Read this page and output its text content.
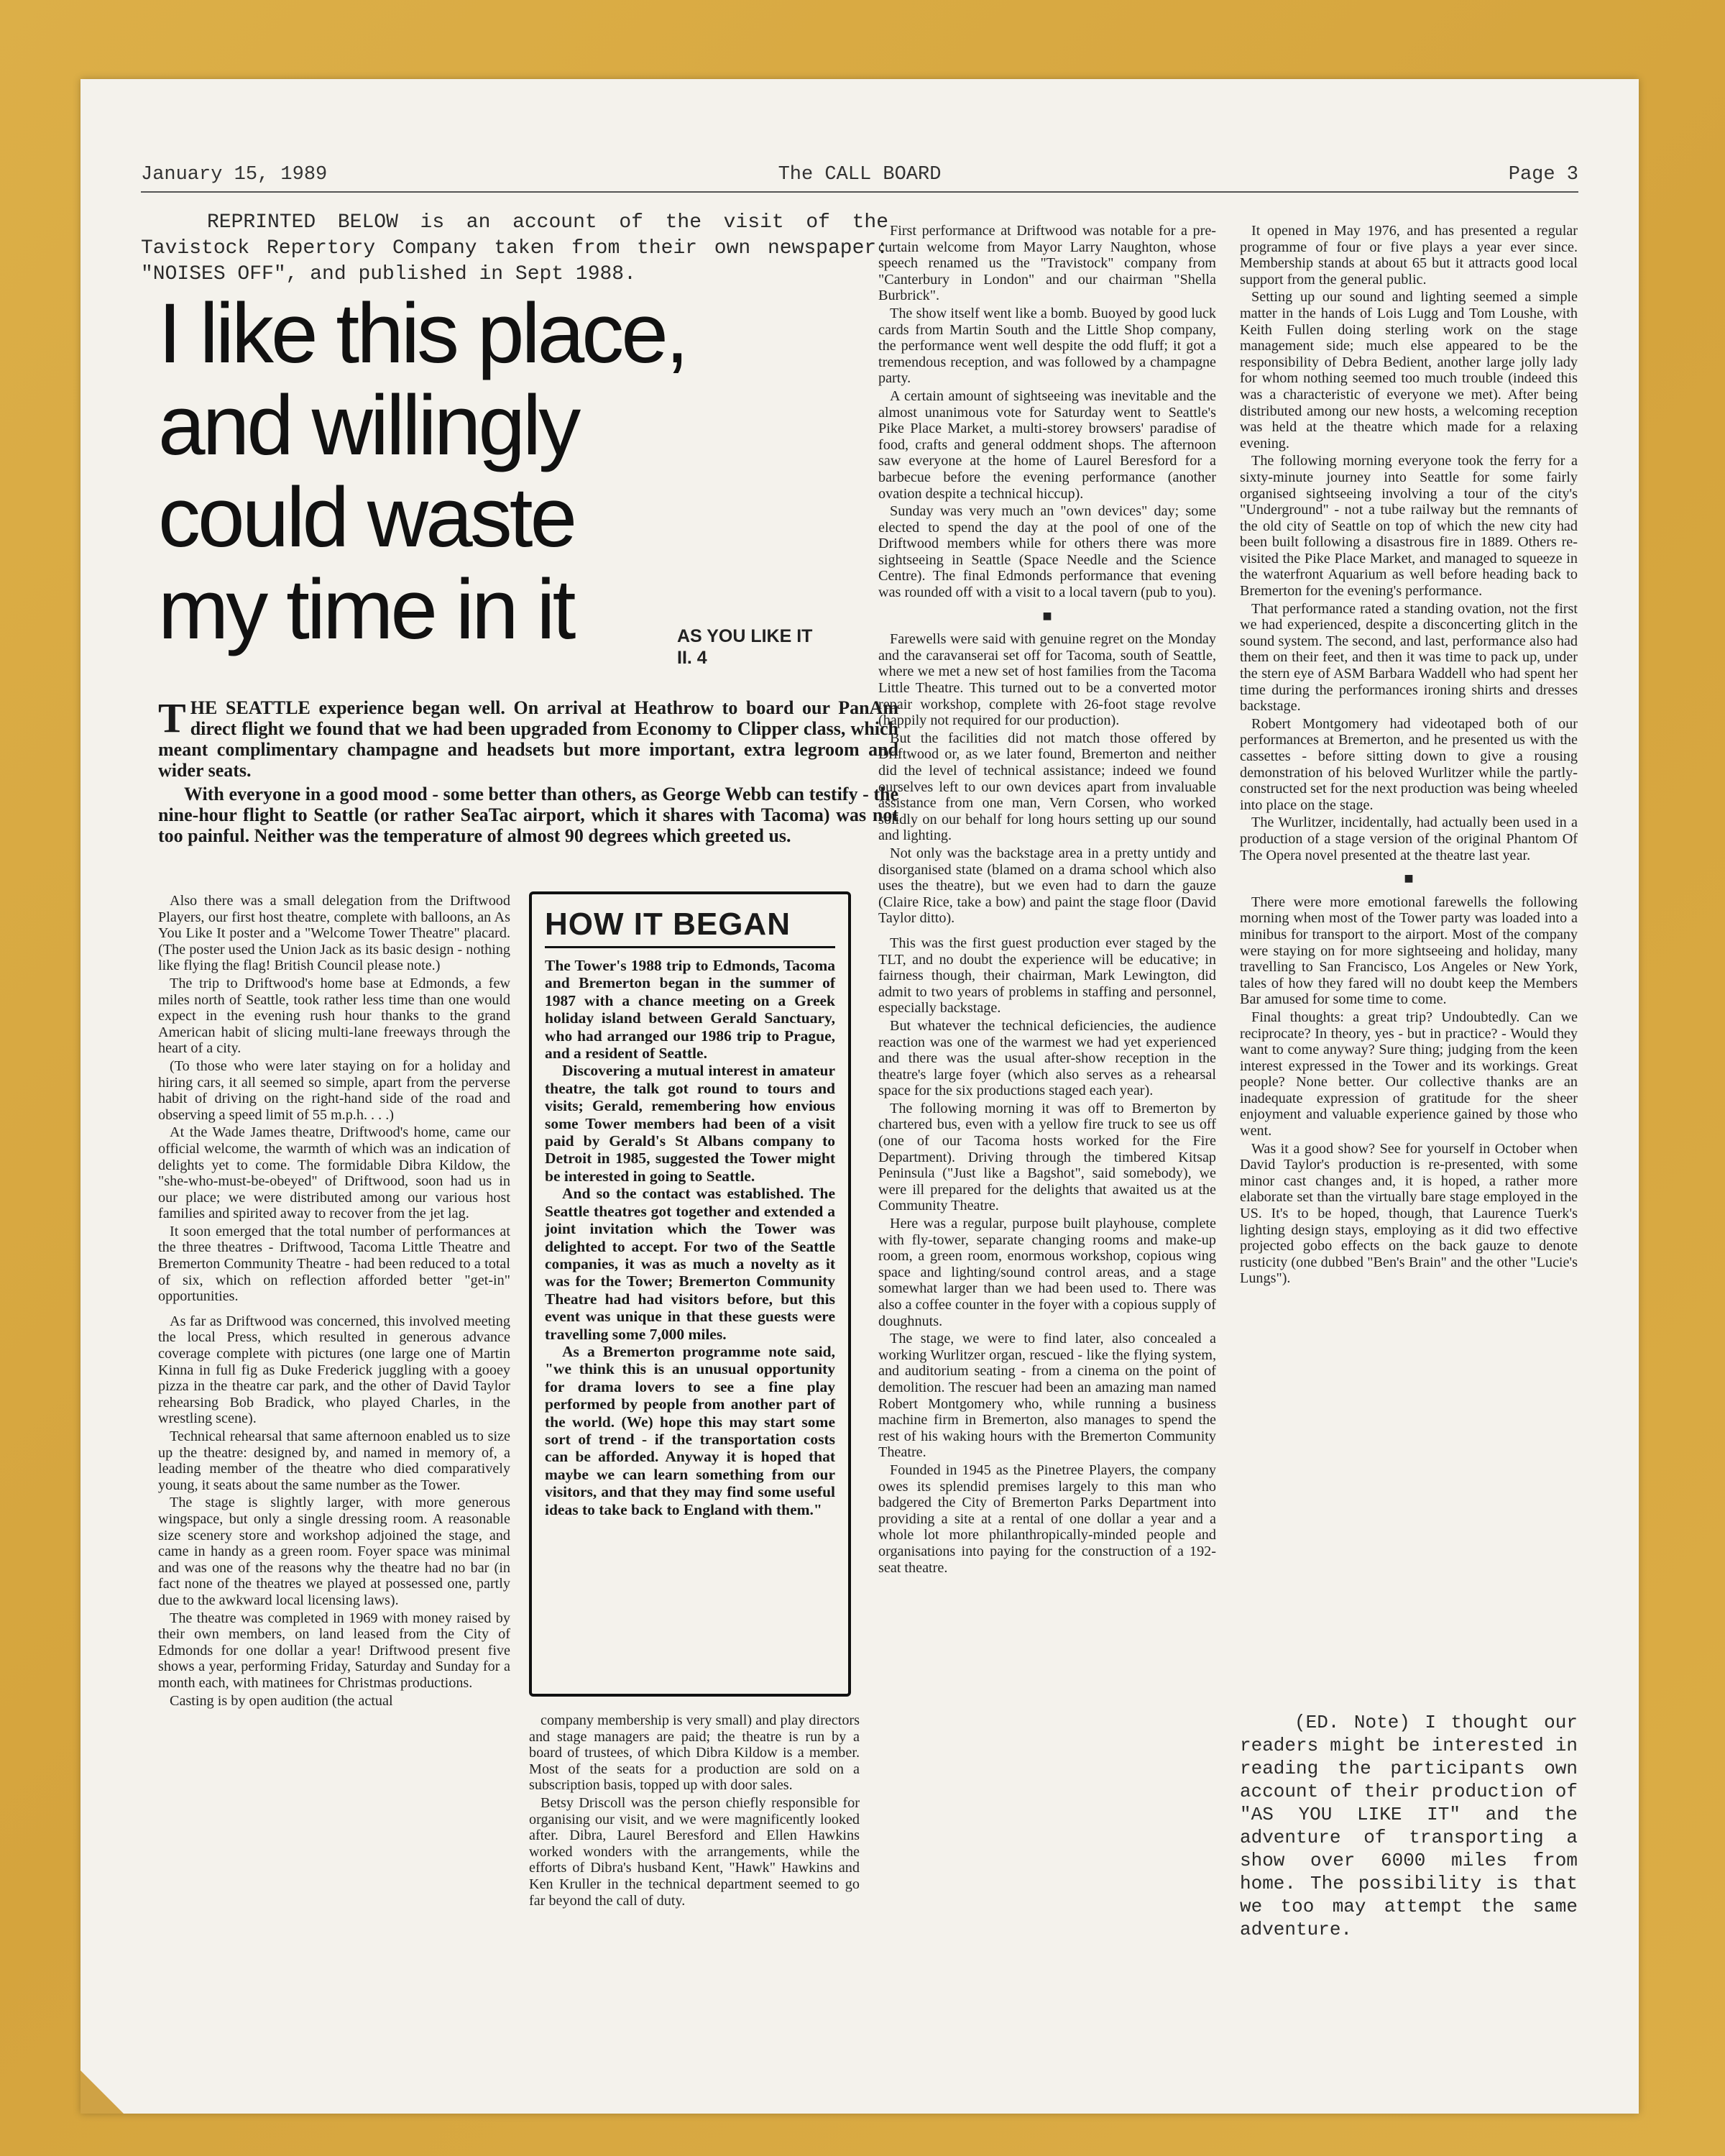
January 15, 1989	The CALL BOARD	Page 3

REPRINTED BELOW is an account of the visit of the Tavistock Repertory Company taken from their own newspaper: "NOISES OFF", and published in Sept 1988.

I like this place,
and willingly
could waste
my time in it	AS YOU LIKE IT
II. 4

THE SEATTLE experience began well. On arrival at Heathrow to board our PanAm direct flight we found that we had been upgraded from Economy to Clipper class, which meant complimentary champagne and headsets but more important, extra legroom and wider seats.

With everyone in a good mood - some better than others, as George Webb can testify - the nine-hour flight to Seattle (or rather SeaTac airport, which it shares with Tacoma) was not too painful. Neither was the temperature of almost 90 degrees which greeted us.

Also there was a small delegation from the Driftwood Players, our first host theatre, complete with balloons, an As You Like It poster and a "Welcome Tower Theatre" placard. (The poster used the Union Jack as its basic design - nothing like flying the flag! British Council please note.)

The trip to Driftwood's home base at Edmonds, a few miles north of Seattle, took rather less time than one would expect in the evening rush hour thanks to the grand American habit of slicing multi-lane freeways through the heart of a city.

(To those who were later staying on for a holiday and hiring cars, it all seemed so simple, apart from the perverse habit of driving on the right-hand side of the road and observing a speed limit of 55 m.p.h. . . .)

At the Wade James theatre, Driftwood's home, came our official welcome, the warmth of which was an indication of delights yet to come. The formidable Dibra Kildow, the "she-who-must-be-obeyed" of Driftwood, soon had us in our place; we were distributed among our various host families and spirited away to recover from the jet lag.

It soon emerged that the total number of performances at the three theatres - Driftwood, Tacoma Little Theatre and Bremerton Community Theatre - had been reduced to a total of six, which on reflection afforded better "get-in" opportunities.

As far as Driftwood was concerned, this involved meeting the local Press, which resulted in generous advance coverage complete with pictures (one large one of Martin Kinna in full fig as Duke Frederick juggling with a gooey pizza in the theatre car park, and the other of David Taylor rehearsing Bob Bradick, who played Charles, in the wrestling scene).

Technical rehearsal that same afternoon enabled us to size up the theatre: designed by, and named in memory of, a leading member of the theatre who died comparatively young, it seats about the same number as the Tower.

The stage is slightly larger, with more generous wingspace, but only a single dressing room. A reasonable size scenery store and workshop adjoined the stage, and came in handy as a green room. Foyer space was minimal and was one of the reasons why the theatre had no bar (in fact none of the theatres we played at possessed one, partly due to the awkward local licensing laws).

The theatre was completed in 1969 with money raised by their own members, on land leased from the City of Edmonds for one dollar a year! Driftwood present five shows a year, performing Friday, Saturday and Sunday for a month each, with matinees for Christmas productions.

Casting is by open audition (the actual

HOW IT BEGAN

The Tower's 1988 trip to Edmonds, Tacoma and Bremerton began in the summer of 1987 with a chance meeting on a Greek holiday island between Gerald Sanctuary, who had arranged our 1986 trip to Prague, and a resident of Seattle.

Discovering a mutual interest in amateur theatre, the talk got round to tours and visits; Gerald, remembering how envious some Tower members had been of a visit paid by Gerald's St Albans company to Detroit in 1985, suggested the Tower might be interested in going to Seattle.

And so the contact was established. The Seattle theatres got together and extended a joint invitation which the Tower was delighted to accept. For two of the Seattle companies, it was as much a novelty as it was for the Tower; Bremerton Community Theatre had had visitors before, but this event was unique in that these guests were travelling some 7,000 miles.

As a Bremerton programme note said, "we think this is an unusual opportunity for drama lovers to see a fine play performed by people from another part of the world. (We) hope this may start some sort of trend - if the transportation costs can be afforded. Anyway it is hoped that maybe we can learn something from our visitors, and that they may find some useful ideas to take back to England with them."

company membership is very small) and play directors and stage managers are paid; the theatre is run by a board of trustees, of which Dibra Kildow is a member. Most of the seats for a production are sold on a subscription basis, topped up with door sales.

Betsy Driscoll was the person chiefly responsible for organising our visit, and we were magnificently looked after. Dibra, Laurel Beresford and Ellen Hawkins worked wonders with the arrangements, while the efforts of Dibra's husband Kent, "Hawk" Hawkins and Ken Kruller in the technical department seemed to go far beyond the call of duty.

First performance at Driftwood was notable for a pre-curtain welcome from Mayor Larry Naughton, whose speech renamed us the "Travistock" company from "Canterbury in London" and our chairman "Shella Burbrick".

The show itself went like a bomb. Buoyed by good luck cards from Martin South and the Little Shop company, the performance went well despite the odd fluff; it got a tremendous reception, and was followed by a champagne party.

A certain amount of sightseeing was inevitable and the almost unanimous vote for Saturday went to Seattle's Pike Place Market, a multi-storey browsers' paradise of food, crafts and general oddment shops. The afternoon saw everyone at the home of Laurel Beresford for a barbecue before the evening performance (another ovation despite a technical hiccup).

Sunday was very much an "own devices" day; some elected to spend the day at the pool of one of the Driftwood members while for others there was more sightseeing in Seattle (Space Needle and the Science Centre). The final Edmonds performance that evening was rounded off with a visit to a local tavern (pub to you).

■

Farewells were said with genuine regret on the Monday and the caravanserai set off for Tacoma, south of Seattle, where we met a new set of host families from the Tacoma Little Theatre. This turned out to be a converted motor repair workshop, complete with 26-foot stage revolve (happily not required for our production).

But the facilities did not match those offered by Driftwood or, as we later found, Bremerton and neither did the level of technical assistance; indeed we found ourselves left to our own devices apart from invaluable assistance from one man, Vern Corsen, who worked solidly on our behalf for long hours setting up our sound and lighting.

Not only was the backstage area in a pretty untidy and disorganised state (blamed on a drama school which also uses the theatre), but we even had to darn the gauze (Claire Rice, take a bow) and paint the stage floor (David Taylor ditto).

This was the first guest production ever staged by the TLT, and no doubt the experience will be educative; in fairness though, their chairman, Mark Lewington, did admit to two years of problems in staffing and personnel, especially backstage.

But whatever the technical deficiencies, the audience reaction was one of the warmest we had yet experienced and there was the usual after-show reception in the theatre's large foyer (which also serves as a rehearsal space for the six productions staged each year).

The following morning it was off to Bremerton by chartered bus, even with a yellow fire truck to see us off (one of our Tacoma hosts worked for the Fire Department). Driving through the timbered Kitsap Peninsula ("Just like a Bagshot", said somebody), we were ill prepared for the delights that awaited us at the Community Theatre.

Here was a regular, purpose built playhouse, complete with fly-tower, separate changing rooms and make-up room, a green room, enormous workshop, copious wing space and lighting/sound control areas, and a stage somewhat larger than we had been used to. There was also a coffee counter in the foyer with a copious supply of doughnuts.

The stage, we were to find later, also concealed a working Wurlitzer organ, rescued - like the flying system, and auditorium seating - from a cinema on the point of demolition. The rescuer had been an amazing man named Robert Montgomery who, while running a business machine firm in Bremerton, also manages to spend the rest of his waking hours with the Bremerton Community Theatre.

Founded in 1945 as the Pinetree Players, the company owes its splendid premises largely to this man who badgered the City of Bremerton Parks Department into providing a site at a rental of one dollar a year and a whole lot more philanthropically-minded people and organisations into paying for the construction of a 192-seat theatre.

It opened in May 1976, and has presented a regular programme of four or five plays a year ever since. Membership stands at about 65 but it attracts good local support from the general public.

Setting up our sound and lighting seemed a simple matter in the hands of Lois Lugg and Tom Loushe, with Keith Fullen doing sterling work on the stage management side; much else appeared to be the responsibility of Debra Bedient, another large jolly lady for whom nothing seemed too much trouble (indeed this was a characteristic of everyone we met). After being distributed among our new hosts, a welcoming reception was held at the theatre which made for a relaxing evening.

The following morning everyone took the ferry for a sixty-minute journey into Seattle for some fairly organised sightseeing involving a tour of the city's "Underground" - not a tube railway but the remnants of the old city of Seattle on top of which the new city had been built following a disastrous fire in 1889. Others re-visited the Pike Place Market, and managed to squeeze in the waterfront Aquarium as well before heading back to Bremerton for the evening's performance.

That performance rated a standing ovation, not the first we had experienced, despite a disconcerting glitch in the sound system. The second, and last, performance also had them on their feet, and then it was time to pack up, under the stern eye of ASM Barbara Waddell who had spent her time during the performances ironing shirts and dresses backstage.

Robert Montgomery had videotaped both of our performances at Bremerton, and he presented us with the cassettes - before sitting down to give a rousing demonstration of his beloved Wurlitzer while the partly-constructed set for the next production was being wheeled into place on the stage.

The Wurlitzer, incidentally, had actually been used in a production of a stage version of the original Phantom Of The Opera novel presented at the theatre last year.

■

There were more emotional farewells the following morning when most of the Tower party was loaded into a minibus for transport to the airport. Most of the company were staying on for more sightseeing and holiday, many travelling to San Francisco, Los Angeles or New York, tales of how they fared will no doubt keep the Members Bar amused for some time to come.

Final thoughts: a great trip? Undoubtedly. Can we reciprocate? In theory, yes - but in practice? - Would they want to come anyway? Sure thing; judging from the keen interest expressed in the Tower and its workings. Great people? None better. Our collective thanks are an inadequate expression of gratitude for the sheer enjoyment and valuable experience gained by those who went.

Was it a good show? See for yourself in October when David Taylor's production is re-presented, with some minor cast changes and, it is hoped, a rather more elaborate set than the virtually bare stage employed in the US. It's to be hoped, though, that Laurence Tuerk's lighting design stays, employing as it did two effective projected gobo effects on the back gauze to denote rusticity (one dubbed "Ben's Brain" and the other "Lucie's Lungs").

(ED. Note) I thought our readers might be interested in reading the participants own account of their production of "AS YOU LIKE IT" and the adventure of transporting a show over 6000 miles from home. The possibility is that we too may attempt the same adventure.
